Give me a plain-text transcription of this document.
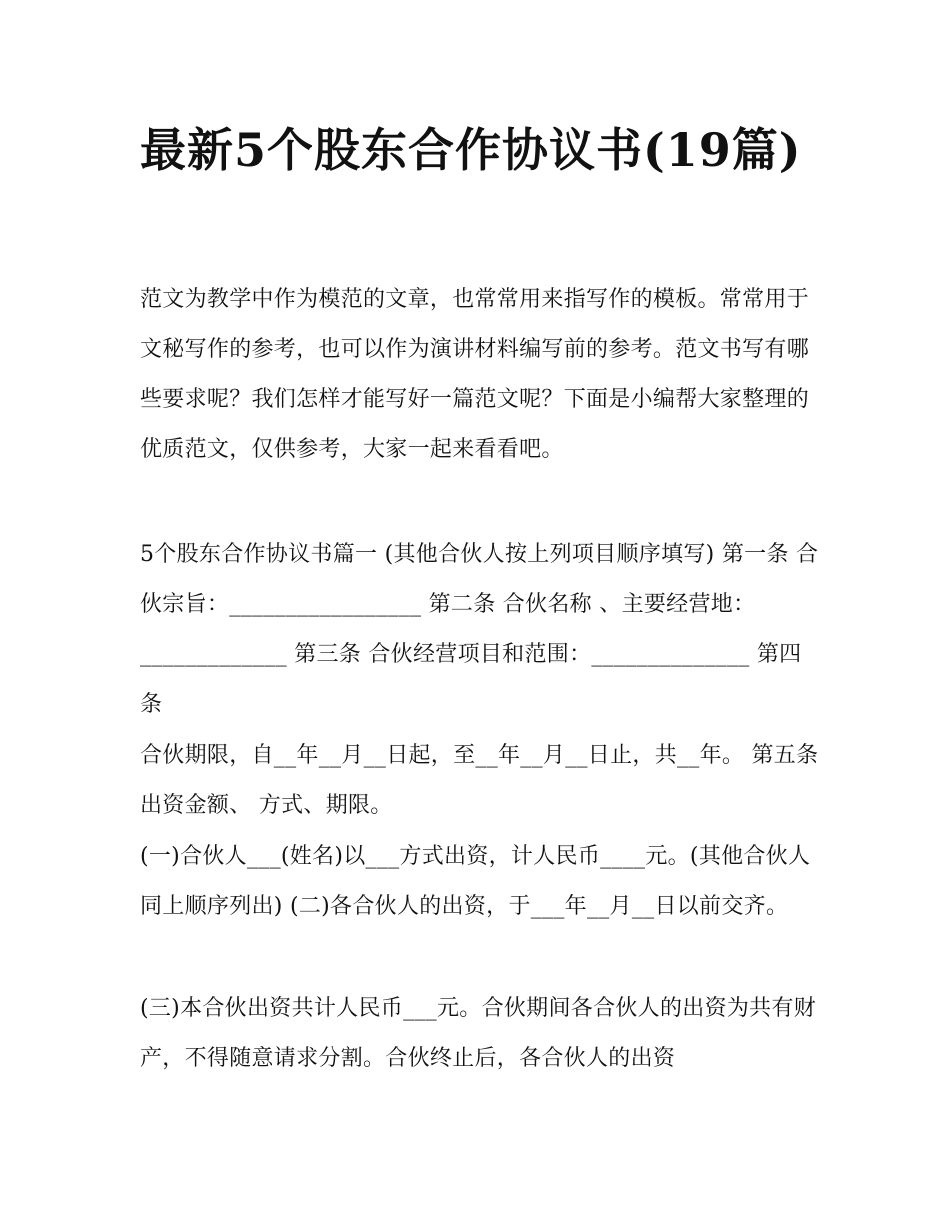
最新5个股东合作协议书(19篇)

范文为教学中作为模范的文章，也常常用来指写作的模板。常常用于文秘写作的参考，也可以作为演讲材料编写前的参考。范文书写有哪些要求呢？我们怎样才能写好一篇范文呢？下面是小编帮大家整理的优质范文，仅供参考，大家一起来看看吧。

5个股东合作协议书篇一 (其他合伙人按上列项目顺序填写) 第一条 合伙宗旨：_________________ 第二条 合伙名称 、主要经营地：_____________ 第三条 合伙经营项目和范围：______________ 第四条

合伙期限，自__年__月__日起，至__年__月__日止，共__年。 第五条 出资金额、 方式、期限。

(一)合伙人___(姓名)以___方式出资，计人民币____元。(其他合伙人同上顺序列出) (二)各合伙人的出资，于___年__月__日以前交齐。

(三)本合伙出资共计人民币___元。合伙期间各合伙人的出资为共有财产，不得随意请求分割。合伙终止后，各合伙人的出资
